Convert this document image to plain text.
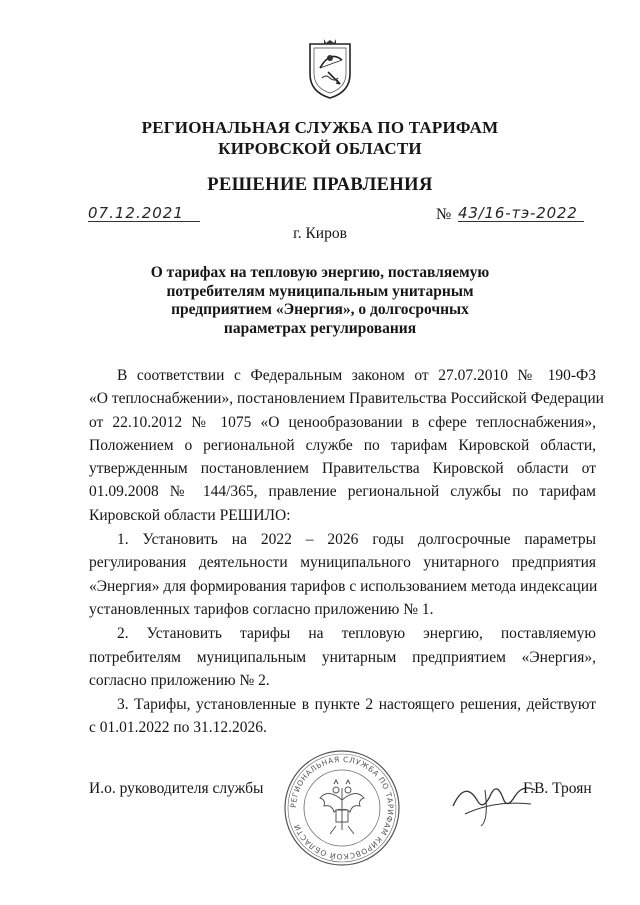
РЕГИОНАЛЬНАЯ СЛУЖБА ПО ТАРИФАМ
КИРОВСКОЙ ОБЛАСТИ
РЕШЕНИЕ ПРАВЛЕНИЯ
07.12.2021	№ 43/16-тэ-2022
г. Киров
О тарифах на тепловую энергию, поставляемую
потребителям муниципальным унитарным
предприятием «Энергия», о долгосрочных
параметрах регулирования

В соответствии с Федеральным законом от 27.07.2010 № 190-ФЗ
«О теплоснабжении», постановлением Правительства Российской Федерации
от 22.10.2012 № 1075 «О ценообразовании в сфере теплоснабжения»,
Положением о региональной службе по тарифам Кировской области,
утвержденным постановлением Правительства Кировской области от
01.09.2008 № 144/365, правление региональной службы по тарифам
Кировской области РЕШИЛО:

1. Установить на 2022 – 2026 годы долгосрочные параметры
регулирования деятельности муниципального унитарного предприятия
«Энергия» для формирования тарифов с использованием метода индексации
установленных тарифов согласно приложению № 1.

2. Установить тарифы на тепловую энергию, поставляемую
потребителям муниципальным унитарным предприятием «Энергия»,
согласно приложению № 2.

3. Тарифы, установленные в пункте 2 настоящего решения, действуют
с 01.01.2022 по 31.12.2026.

РЕГИОНАЛЬНАЯ СЛУЖБА ПО ТАРИФАМ КИРОВСКОЙ ОБЛАСТИ
И.о. руководителя службы	Г.В. Троян
